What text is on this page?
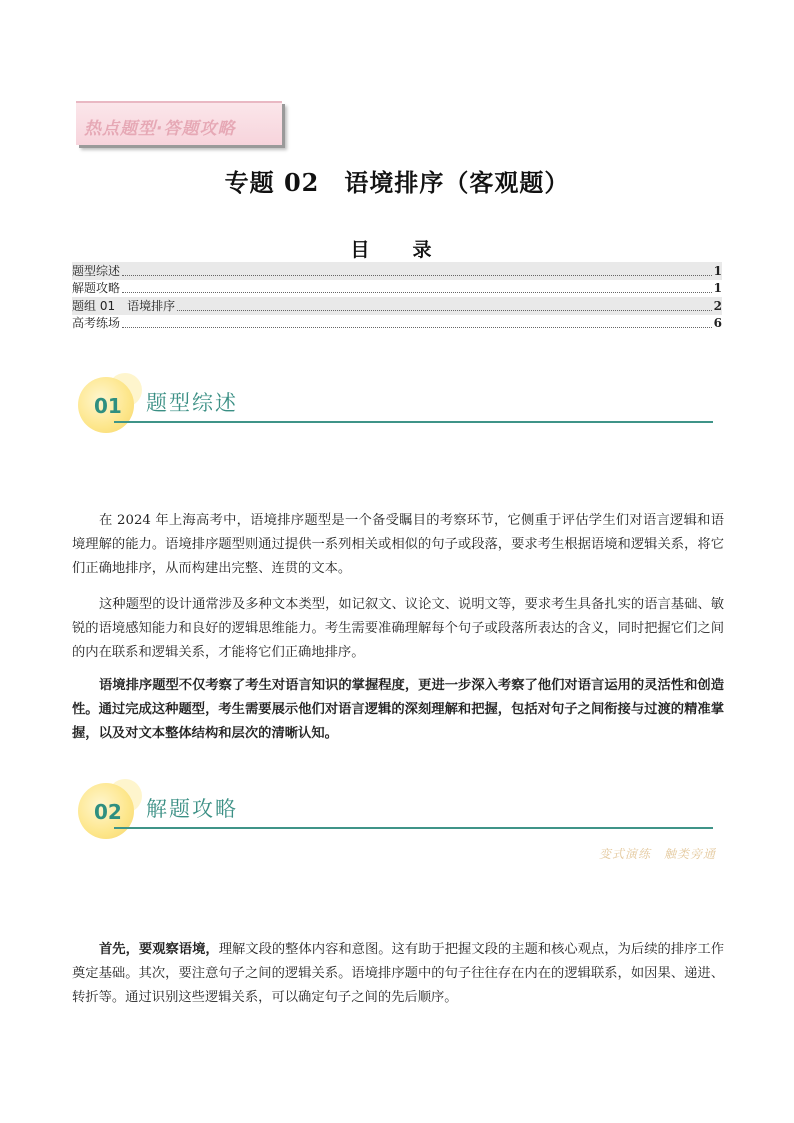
热点题型·答题攻略
专题 02　语境排序（客观题）
目　录
题型综述	1
解题攻略	1
题组 01　语境排序	2
高考练场	6
01 题型综述
在 2024 年上海高考中，语境排序题型是一个备受瞩目的考察环节，它侧重于评估学生们对语言逻辑和语境理解的能力。语境排序题型则通过提供一系列相关或相似的句子或段落，要求考生根据语境和逻辑关系，将它们正确地排序，从而构建出完整、连贯的文本。
这种题型的设计通常涉及多种文本类型，如记叙文、议论文、说明文等，要求考生具备扎实的语言基础、敏锐的语境感知能力和良好的逻辑思维能力。考生需要准确理解每个句子或段落所表达的含义，同时把握它们之间的内在联系和逻辑关系，才能将它们正确地排序。
语境排序题型不仅考察了考生对语言知识的掌握程度，更进一步深入考察了他们对语言运用的灵活性和创造性。通过完成这种题型，考生需要展示他们对语言逻辑的深刻理解和把握，包括对句子之间衔接与过渡的精准掌握，以及对文本整体结构和层次的清晰认知。
02 解题攻略
变式演练　触类旁通
首先，要观察语境，理解文段的整体内容和意图。这有助于把握文段的主题和核心观点，为后续的排序工作奠定基础。其次，要注意句子之间的逻辑关系。语境排序题中的句子往往存在内在的逻辑联系，如因果、递进、转折等。通过识别这些逻辑关系，可以确定句子之间的先后顺序。
